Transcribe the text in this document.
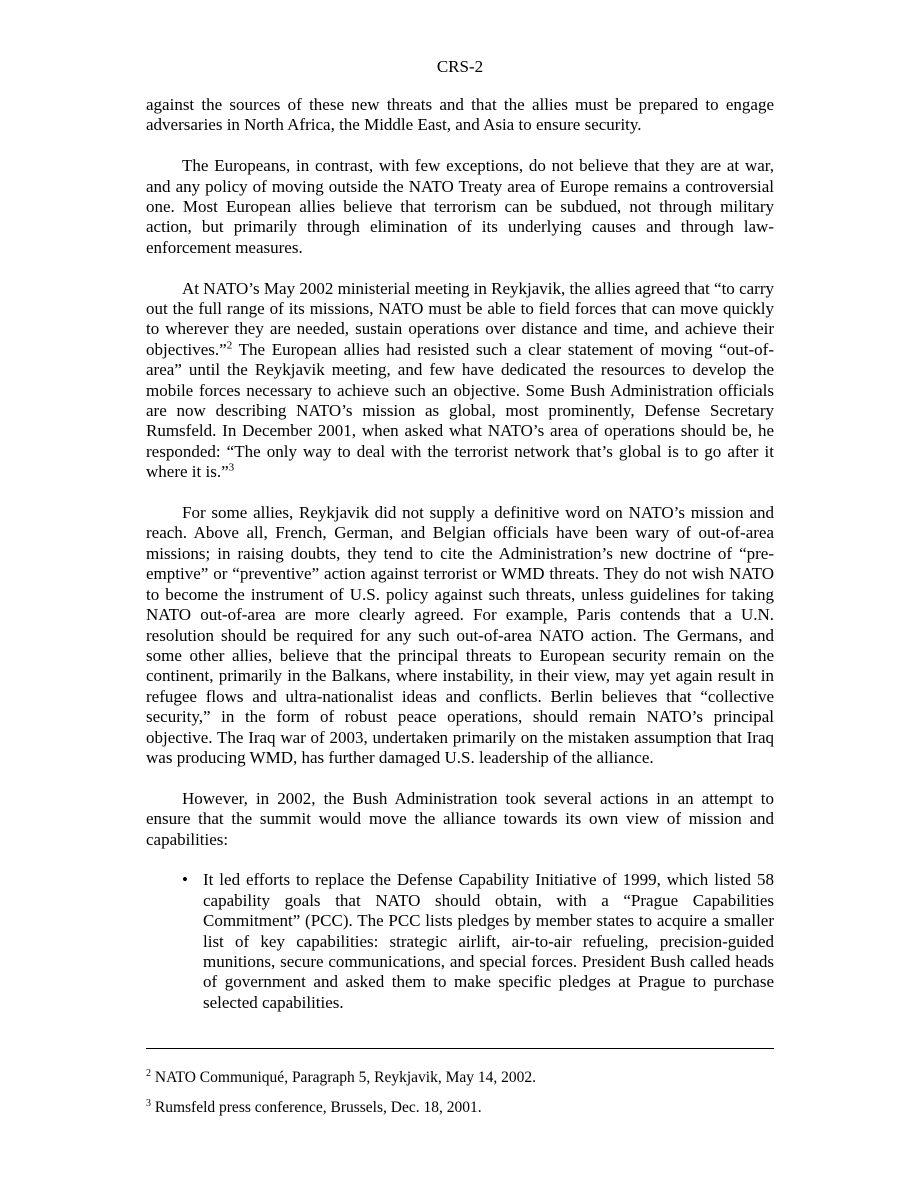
CRS-2

against the sources of these new threats and that the allies must be prepared to engage adversaries in North Africa, the Middle East, and Asia to ensure security.

The Europeans, in contrast, with few exceptions, do not believe that they are at war, and any policy of moving outside the NATO Treaty area of Europe remains a controversial one. Most European allies believe that terrorism can be subdued, not through military action, but primarily through elimination of its underlying causes and through law-enforcement measures.

At NATO’s May 2002 ministerial meeting in Reykjavik, the allies agreed that “to carry out the full range of its missions, NATO must be able to field forces that can move quickly to wherever they are needed, sustain operations over distance and time, and achieve their objectives.”$^2$ The European allies had resisted such a clear statement of moving “out-of-area” until the Reykjavik meeting, and few have dedicated the resources to develop the mobile forces necessary to achieve such an objective. Some Bush Administration officials are now describing NATO’s mission as global, most prominently, Defense Secretary Rumsfeld. In December 2001, when asked what NATO’s area of operations should be, he responded: “The only way to deal with the terrorist network that’s global is to go after it where it is.”$^3$

For some allies, Reykjavik did not supply a definitive word on NATO’s mission and reach. Above all, French, German, and Belgian officials have been wary of out-of-area missions; in raising doubts, they tend to cite the Administration’s new doctrine of “pre-emptive” or “preventive” action against terrorist or WMD threats. They do not wish NATO to become the instrument of U.S. policy against such threats, unless guidelines for taking NATO out-of-area are more clearly agreed. For example, Paris contends that a U.N. resolution should be required for any such out-of-area NATO action. The Germans, and some other allies, believe that the principal threats to European security remain on the continent, primarily in the Balkans, where instability, in their view, may yet again result in refugee flows and ultra-nationalist ideas and conflicts. Berlin believes that “collective security,” in the form of robust peace operations, should remain NATO’s principal objective. The Iraq war of 2003, undertaken primarily on the mistaken assumption that Iraq was producing WMD, has further damaged U.S. leadership of the alliance.

However, in 2002, the Bush Administration took several actions in an attempt to ensure that the summit would move the alliance towards its own view of mission and capabilities:

• It led efforts to replace the Defense Capability Initiative of 1999, which listed 58 capability goals that NATO should obtain, with a “Prague Capabilities Commitment” (PCC). The PCC lists pledges by member states to acquire a smaller list of key capabilities: strategic airlift, air-to-air refueling, precision-guided munitions, secure communications, and special forces. President Bush called heads of government and asked them to make specific pledges at Prague to purchase selected capabilities.

$^2$ NATO Communiqué, Paragraph 5, Reykjavik, May 14, 2002.

$^3$ Rumsfeld press conference, Brussels, Dec. 18, 2001.
